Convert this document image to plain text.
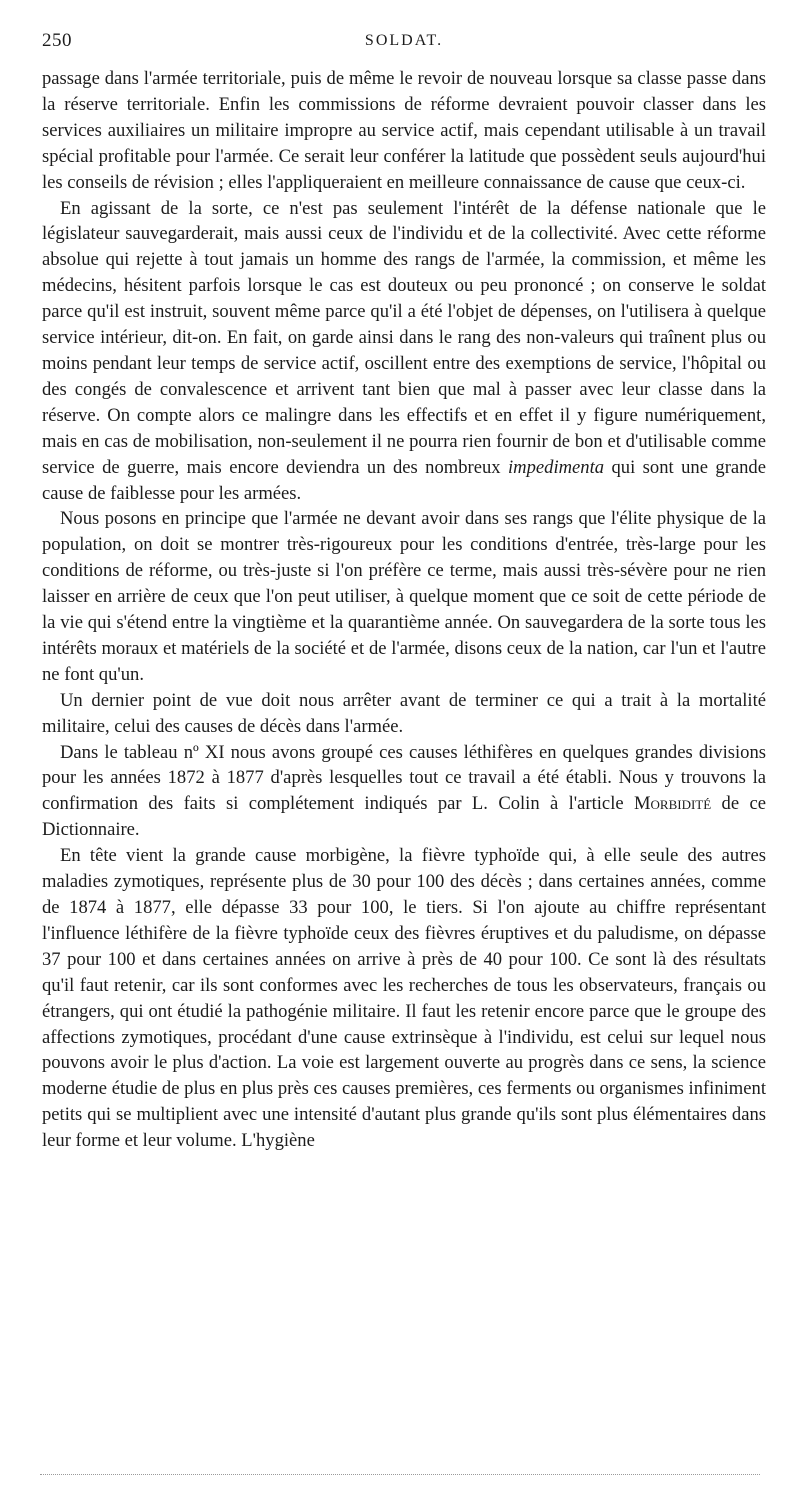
250	SOLDAT.

passage dans l'armée territoriale, puis de même le revoir de nouveau lorsque sa classe passe dans la réserve territoriale. Enfin les commissions de réforme devraient pouvoir classer dans les services auxiliaires un militaire impropre au service actif, mais cependant utilisable à un travail spécial profitable pour l'armée. Ce serait leur conférer la latitude que possèdent seuls aujourd'hui les conseils de révision ; elles l'appliqueraient en meilleure connaissance de cause que ceux-ci.

En agissant de la sorte, ce n'est pas seulement l'intérêt de la défense nationale que le législateur sauvegarderait, mais aussi ceux de l'individu et de la collectivité. Avec cette réforme absolue qui rejette à tout jamais un homme des rangs de l'armée, la commission, et même les médecins, hésitent parfois lorsque le cas est douteux ou peu prononcé ; on conserve le soldat parce qu'il est instruit, souvent même parce qu'il a été l'objet de dépenses, on l'utilisera à quelque service intérieur, dit-on. En fait, on garde ainsi dans le rang des non-valeurs qui traînent plus ou moins pendant leur temps de service actif, oscillent entre des exemptions de service, l'hôpital ou des congés de convalescence et arrivent tant bien que mal à passer avec leur classe dans la réserve. On compte alors ce malingre dans les effectifs et en effet il y figure numériquement, mais en cas de mobilisation, non-seulement il ne pourra rien fournir de bon et d'utilisable comme service de guerre, mais encore deviendra un des nombreux impedimenta qui sont une grande cause de faiblesse pour les armées.

Nous posons en principe que l'armée ne devant avoir dans ses rangs que l'élite physique de la population, on doit se montrer très-rigoureux pour les conditions d'entrée, très-large pour les conditions de réforme, ou très-juste si l'on préfère ce terme, mais aussi très-sévère pour ne rien laisser en arrière de ceux que l'on peut utiliser, à quelque moment que ce soit de cette période de la vie qui s'étend entre la vingtième et la quarantième année. On sauvegardera de la sorte tous les intérêts moraux et matériels de la société et de l'armée, disons ceux de la nation, car l'un et l'autre ne font qu'un.

Un dernier point de vue doit nous arrêter avant de terminer ce qui a trait à la mortalité militaire, celui des causes de décès dans l'armée.

Dans le tableau nº XI nous avons groupé ces causes léthifères en quelques grandes divisions pour les années 1872 à 1877 d'après lesquelles tout ce travail a été établi. Nous y trouvons la confirmation des faits si complétement indiqués par L. Colin à l'article Morbidité de ce Dictionnaire.

En tête vient la grande cause morbigène, la fièvre typhoïde qui, à elle seule des autres maladies zymotiques, représente plus de 30 pour 100 des décès ; dans certaines années, comme de 1874 à 1877, elle dépasse 33 pour 100, le tiers. Si l'on ajoute au chiffre représentant l'influence léthifère de la fièvre typhoïde ceux des fièvres éruptives et du paludisme, on dépasse 37 pour 100 et dans certaines années on arrive à près de 40 pour 100. Ce sont là des résultats qu'il faut retenir, car ils sont conformes avec les recherches de tous les observateurs, français ou étrangers, qui ont étudié la pathogénie militaire. Il faut les retenir encore parce que le groupe des affections zymotiques, procédant d'une cause extrinsèque à l'individu, est celui sur lequel nous pouvons avoir le plus d'action. La voie est largement ouverte au progrès dans ce sens, la science moderne étudie de plus en plus près ces causes premières, ces ferments ou organismes infiniment petits qui se multiplient avec une intensité d'autant plus grande qu'ils sont plus élémentaires dans leur forme et leur volume. L'hygiène
